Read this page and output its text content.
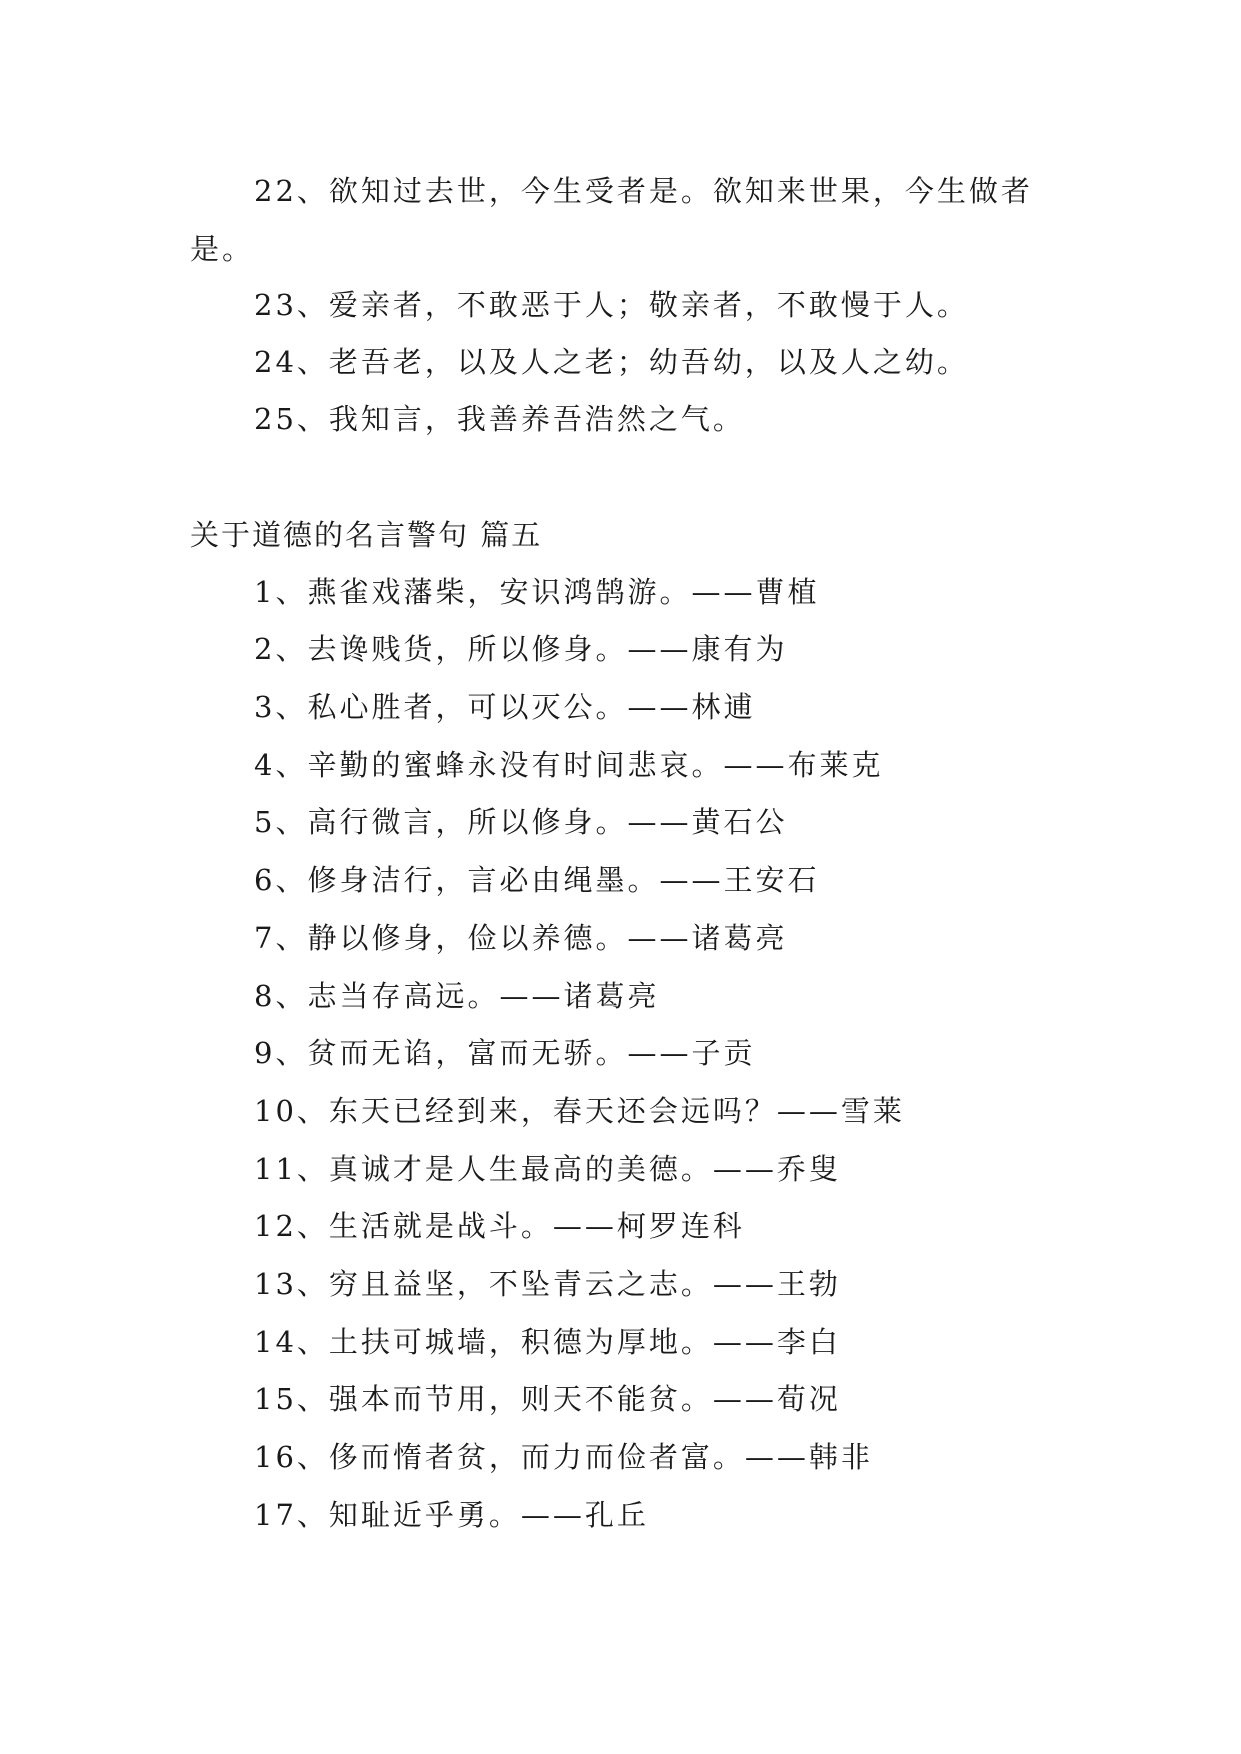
22、欲知过去世，今生受者是。欲知来世果，今生做者是。
23、爱亲者，不敢恶于人；敬亲者，不敢慢于人。
24、老吾老，以及人之老；幼吾幼，以及人之幼。
25、我知言，我善养吾浩然之气。
关于道德的名言警句 篇五
1、燕雀戏藩柴，安识鸿鹄游。——曹植
2、去谗贱货，所以修身。——康有为
3、私心胜者，可以灭公。——林逋
4、辛勤的蜜蜂永没有时间悲哀。——布莱克
5、高行微言，所以修身。——黄石公
6、修身洁行，言必由绳墨。——王安石
7、静以修身，俭以养德。——诸葛亮
8、志当存高远。——诸葛亮
9、贫而无谄，富而无骄。——子贡
10、东天已经到来，春天还会远吗？——雪莱
11、真诚才是人生最高的美德。——乔叟
12、生活就是战斗。——柯罗连科
13、穷且益坚，不坠青云之志。——王勃
14、土扶可城墙，积德为厚地。——李白
15、强本而节用，则天不能贫。——荀况
16、侈而惰者贫，而力而俭者富。——韩非
17、知耻近乎勇。——孔丘
